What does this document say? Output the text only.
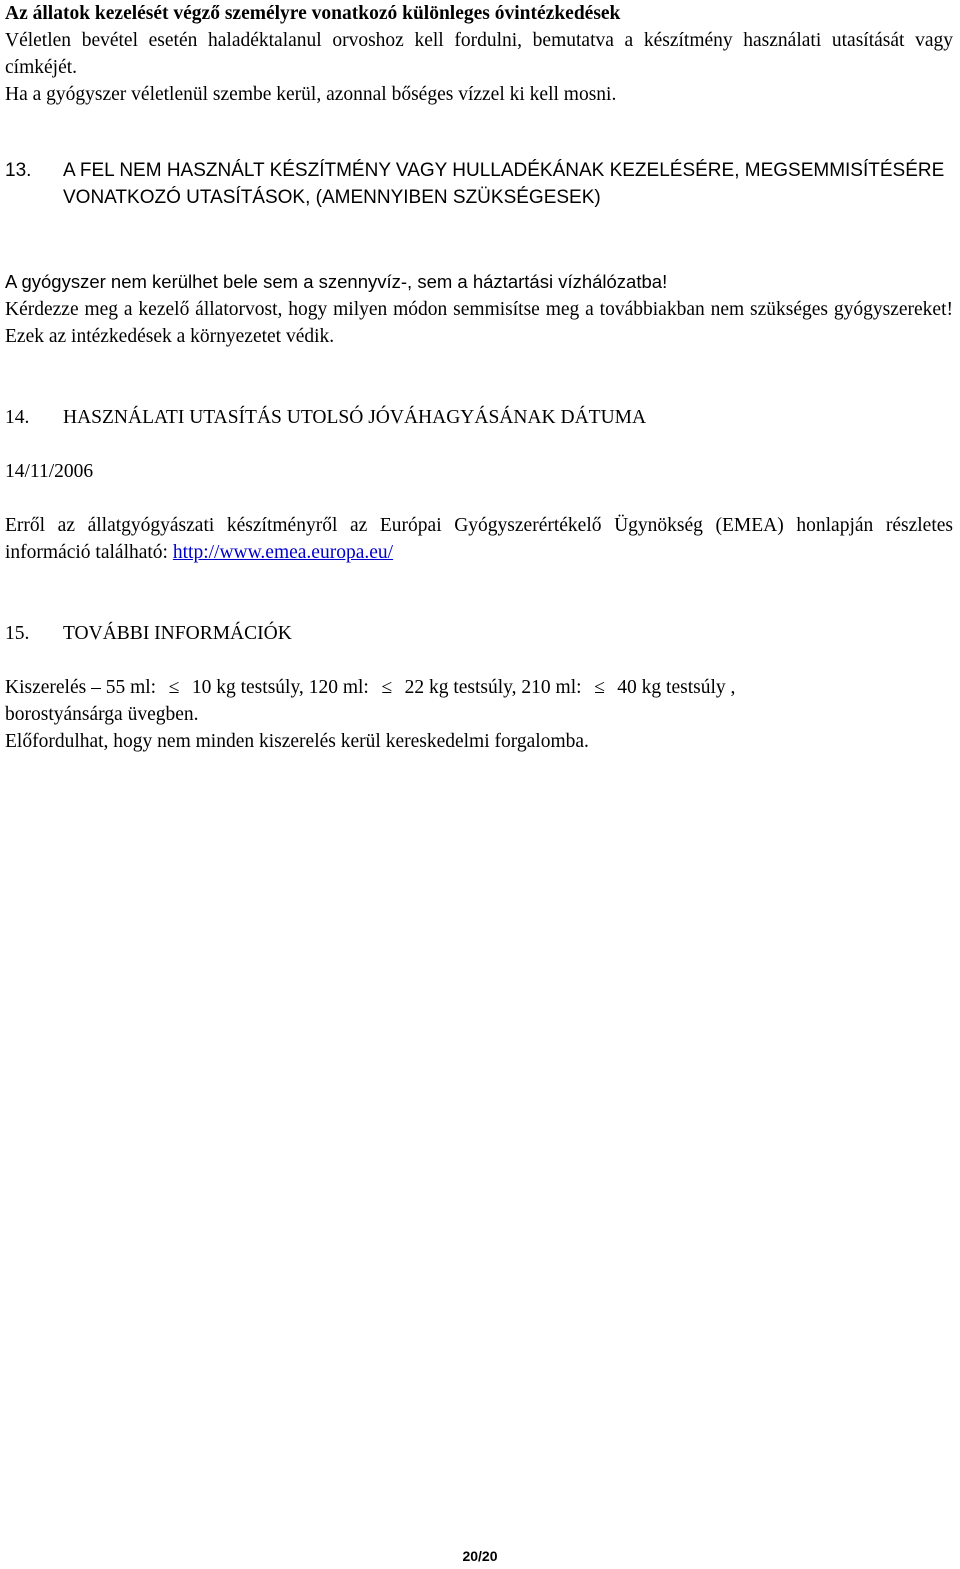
Az állatok kezelését végző személyre vonatkozó különleges óvintézkedések

Véletlen bevétel esetén haladéktalanul orvoshoz kell fordulni, bemutatva a készítmény használati utasítását vagy címkéjét.

Ha a gyógyszer véletlenül szembe kerül, azonnal bőséges vízzel ki kell mosni.

13. A FEL NEM HASZNÁLT KÉSZÍTMÉNY VAGY HULLADÉKÁNAK KEZELÉSÉRE, MEGSEMMISÍTÉSÉRE VONATKOZÓ UTASÍTÁSOK, (AMENNYIBEN SZÜKSÉGESEK)

A gyógyszer nem kerülhet bele sem a szennyvíz-, sem a háztartási vízhálózatba!

Kérdezze meg a kezelő állatorvost, hogy milyen módon semmisítse meg a továbbiakban nem szükséges gyógyszereket! Ezek az intézkedések a környezetet védik.

14. HASZNÁLATI UTASÍTÁS UTOLSÓ JÓVÁHAGYÁSÁNAK DÁTUMA

14/11/2006

Erről az állatgyógyászati készítményről az Európai Gyógyszerértékelő Ügynökség (EMEA) honlapján részletes információ található: http://www.emea.europa.eu/

15. TOVÁBBI INFORMÁCIÓK

Kiszerelés – 55 ml: ≤ 10 kg testsúly, 120 ml: ≤ 22 kg testsúly, 210 ml: ≤ 40 kg testsúly ,

borostyánsárga üvegben.

Előfordulhat, hogy nem minden kiszerelés kerül kereskedelmi forgalomba.

20/20
